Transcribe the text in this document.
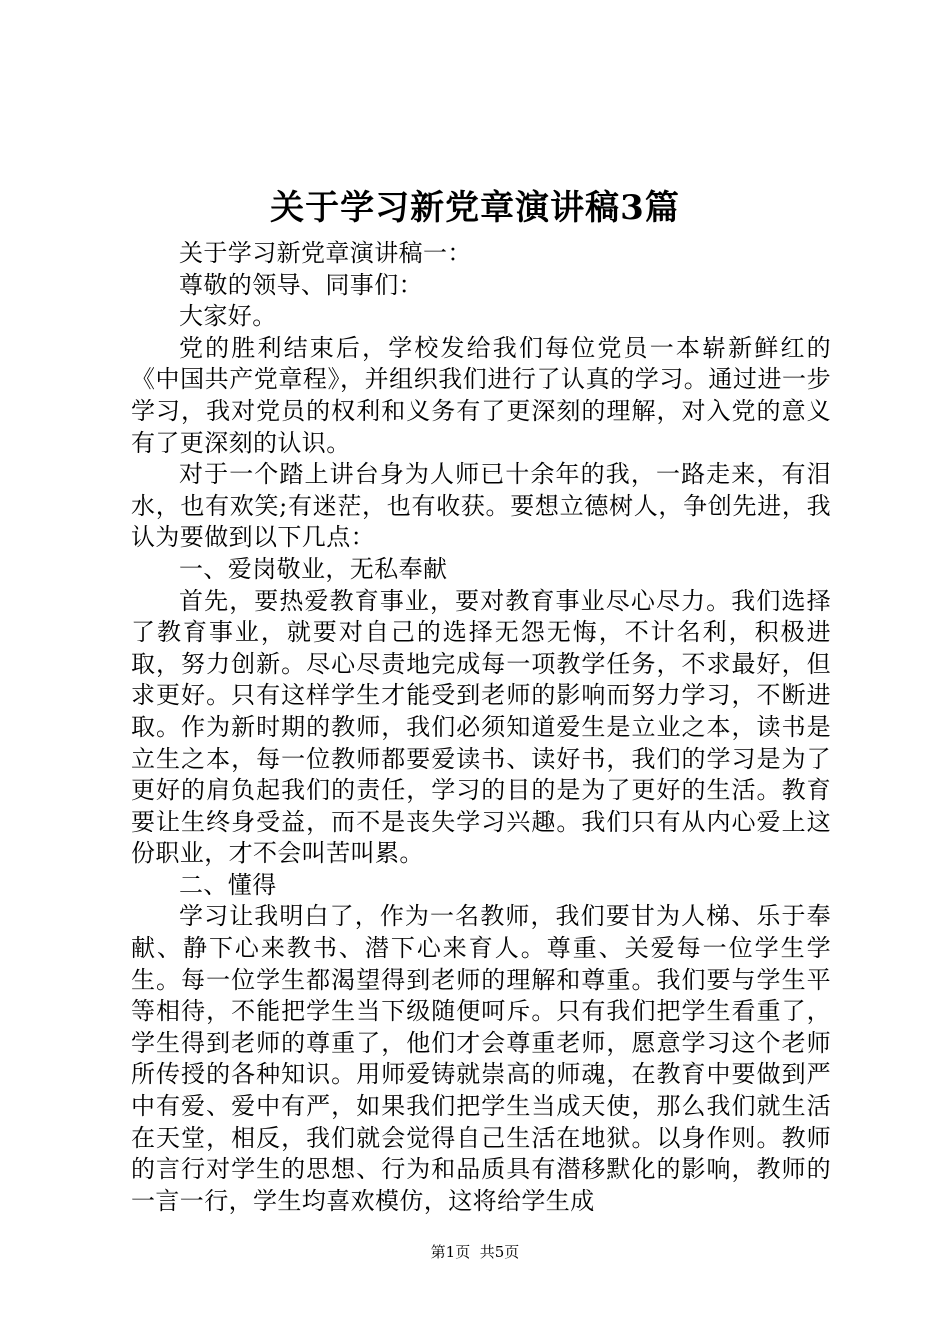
关于学习新党章演讲稿3篇

关于学习新党章演讲稿一：

尊敬的领导、同事们：

大家好。

党的胜利结束后，学校发给我们每位党员一本崭新鲜红的《中国共产党章程》，并组织我们进行了认真的学习。通过进一步学习，我对党员的权利和义务有了更深刻的理解，对入党的意义有了更深刻的认识。

对于一个踏上讲台身为人师已十余年的我，一路走来，有泪水，也有欢笑;有迷茫，也有收获。要想立德树人，争创先进，我认为要做到以下几点：

一、爱岗敬业，无私奉献

首先，要热爱教育事业，要对教育事业尽心尽力。我们选择了教育事业，就要对自己的选择无怨无悔，不计名利，积极进取，努力创新。尽心尽责地完成每一项教学任务，不求最好，但求更好。只有这样学生才能受到老师的影响而努力学习，不断进取。作为新时期的教师，我们必须知道爱生是立业之本，读书是立生之本，每一位教师都要爱读书、读好书，我们的学习是为了更好的肩负起我们的责任，学习的目的是为了更好的生活。教育要让生终身受益，而不是丧失学习兴趣。我们只有从内心爱上这份职业，才不会叫苦叫累。

二、懂得

学习让我明白了，作为一名教师，我们要甘为人梯、乐于奉献、静下心来教书、潜下心来育人。尊重、关爱每一位学生学生。每一位学生都渴望得到老师的理解和尊重。我们要与学生平等相待，不能把学生当下级随便呵斥。只有我们把学生看重了，学生得到老师的尊重了，他们才会尊重老师，愿意学习这个老师所传授的各种知识。用师爱铸就崇高的师魂，在教育中要做到严中有爱、爱中有严，如果我们把学生当成天使，那么我们就生活在天堂，相反，我们就会觉得自己生活在地狱。以身作则。教师的言行对学生的思想、行为和品质具有潜移默化的影响，教师的一言一行，学生均喜欢模仿，这将给学生成

第1页 共5页
